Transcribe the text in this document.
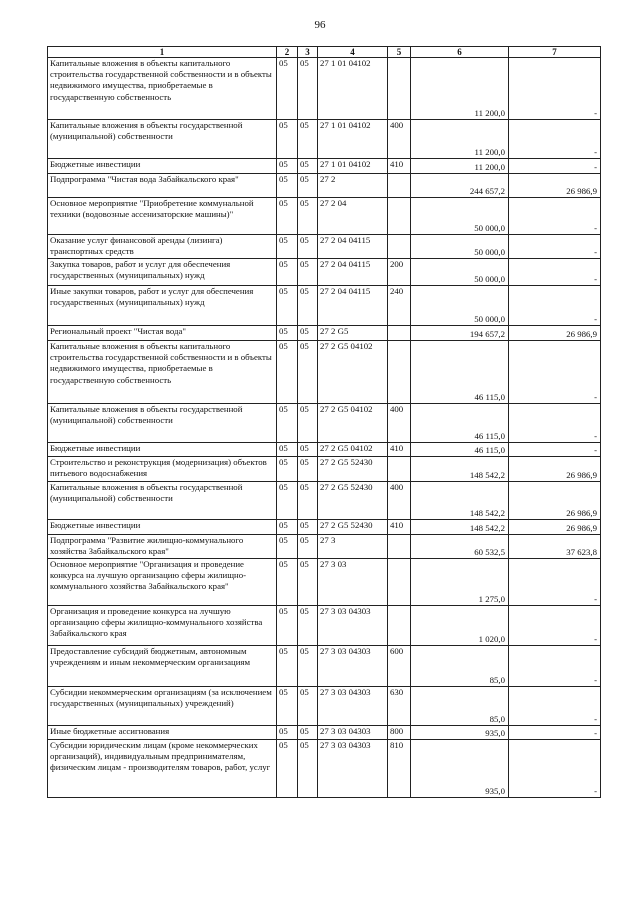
96
1	2	3	4	5	6	7
Капитальные вложения в объекты капитального строительства государственной собственности и в объекты недвижимого имущества, приобретаемые в государственную собственность	05	05	27 1 01 04102		11 200,0	-
Капитальные вложения в объекты государственной (муниципальной) собственности	05	05	27 1 01 04102	400	11 200,0	-
Бюджетные инвестиции	05	05	27 1 01 04102	410	11 200,0	-
Подпрограмма "Чистая вода Забайкальского края"	05	05	27 2		244 657,2	26 986,9
Основное мероприятие "Приобретение коммунальной техники (водовозные ассенизаторские машины)"	05	05	27 2 04		50 000,0	-
Оказание услуг финансовой аренды (лизинга) транспортных средств	05	05	27 2 04 04115		50 000,0	-
Закупка товаров, работ и услуг для обеспечения государственных (муниципальных) нужд	05	05	27 2 04 04115	200	50 000,0	-
Иные закупки товаров, работ и услуг для обеспечения государственных (муниципальных) нужд	05	05	27 2 04 04115	240	50 000,0	-
Региональный проект "Чистая вода"	05	05	27 2 G5		194 657,2	26 986,9
Капитальные вложения в объекты капитального строительства государственной собственности и в объекты недвижимого имущества, приобретаемые в государственную собственность	05	05	27 2 G5 04102		46 115,0	-
Капитальные вложения в объекты государственной (муниципальной) собственности	05	05	27 2 G5 04102	400	46 115,0	-
Бюджетные инвестиции	05	05	27 2 G5 04102	410	46 115,0	-
Строительство и реконструкция (модернизация) объектов питьевого водоснабжения	05	05	27 2 G5 52430		148 542,2	26 986,9
Капитальные вложения в объекты государственной (муниципальной) собственности	05	05	27 2 G5 52430	400	148 542,2	26 986,9
Бюджетные инвестиции	05	05	27 2 G5 52430	410	148 542,2	26 986,9
Подпрограмма "Развитие жилищно-коммунального хозяйства Забайкальского края"	05	05	27 3		60 532,5	37 623,8
Основное мероприятие "Организация и проведение конкурса на лучшую организацию сферы жилищно-коммунального хозяйства Забайкальского края"	05	05	27 3 03		1 275,0	-
Организация и проведение конкурса на лучшую организацию сферы жилищно-коммунального хозяйства Забайкальского края	05	05	27 3 03 04303		1 020,0	-
Предоставление субсидий бюджетным, автономным учреждениям и иным некоммерческим организациям	05	05	27 3 03 04303	600	85,0	-
Субсидии некоммерческим организациям (за исключением государственных (муниципальных) учреждений)	05	05	27 3 03 04303	630	85,0	-
Иные бюджетные ассигнования	05	05	27 3 03 04303	800	935,0	-
Субсидии юридическим лицам (кроме некоммерческих организаций), индивидуальным предпринимателям, физическим лицам - производителям товаров, работ, услуг	05	05	27 3 03 04303	810	935,0	-
